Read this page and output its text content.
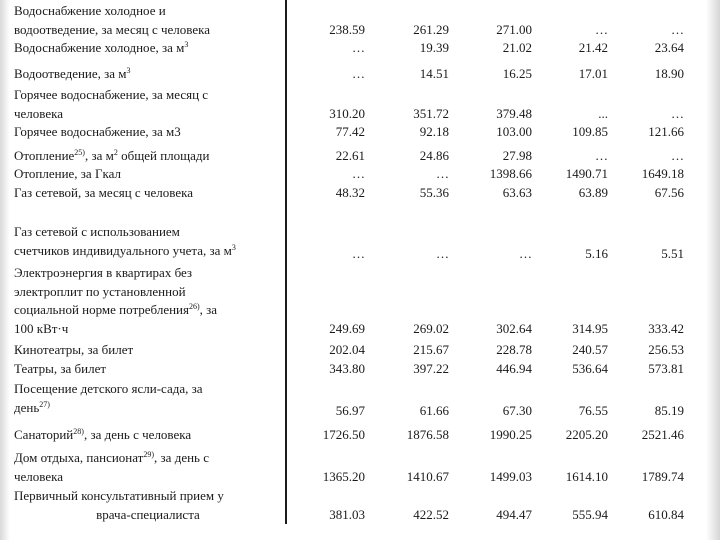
Водоснабжение холодное и
водоотведение, за месяц с человека	238.59	261.29	271.00	…	…
Водоснабжение холодное, за $м^3$	…	19.39	21.02	21.42	23.64
Водоотведение, за $м^3$	…	14.51	16.25	17.01	18.90
Горячее водоснабжение, за месяц с
человека	310.20	351.72	379.48	...	…
Горячее водоснабжение, за м3	77.42	92.18	103.00	109.85	121.66
Отопление$^{25)}$, за $м^2$ общей площади	22.61	24.86	27.98	…	…
Отопление, за Гкал	…	…	1398.66	1490.71	1649.18
Газ сетевой, за месяц с человека	48.32	55.36	63.63	63.89	67.56
Газ сетевой с использованием
счетчиков индивидуального учета, за $м^3$	…	…	…	5.16	5.51
Электроэнергия в квартирах без
электроплит по установленной
социальной норме потребления$^{26)}$, за
100 кВт·ч	249.69	269.02	302.64	314.95	333.42
Кинотеатры, за билет	202.04	215.67	228.78	240.57	256.53
Театры, за билет	343.80	397.22	446.94	536.64	573.81
Посещение детского ясли-сада, за
день$^{27)}$	56.97	61.66	67.30	76.55	85.19
Санаторий$^{28)}$, за день с человека	1726.50	1876.58	1990.25	2205.20	2521.46
Дом отдыха, пансионат$^{29)}$, за день с
человека	1365.20	1410.67	1499.03	1614.10	1789.74
Первичный консультативный прием у
врача-специалиста	381.03	422.52	494.47	555.94	610.84
